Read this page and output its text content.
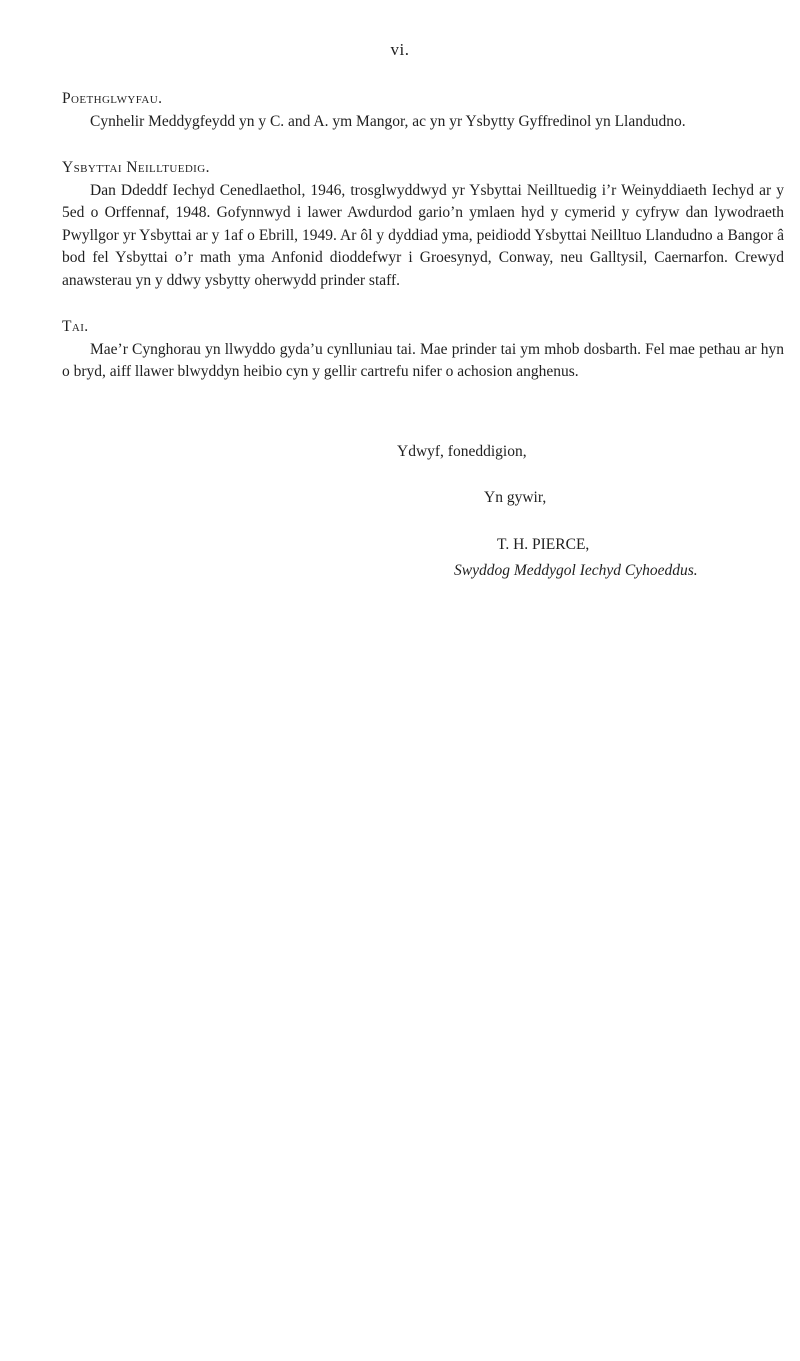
vi.

Poethglwyfau.

Cynhelir Meddygfeydd yn y C. and A. ym Mangor, ac yn yr Ysbytty Gyffredinol yn Llandudno.

Ysbyttai Neilltuedig.

Dan Ddeddf Iechyd Cenedlaethol, 1946, trosglwyddwyd yr Ysbyttai Neilltuedig i’r Weinyddiaeth Iechyd ar y 5ed o Orffennaf, 1948. Gofynnwyd i lawer Awdurdod gario’n ymlaen hyd y cymerid y cyfryw dan lywodraeth Pwyllgor yr Ysbyttai ar y 1af o Ebrill, 1949. Ar ôl y dyddiad yma, peidiodd Ysbyttai Neilltuo Llandudno a Bangor â bod fel Ysbyttai o’r math yma Anfonid dioddefwyr i Groesynyd, Conway, neu Galltysil, Caernarfon. Crewyd anawsterau yn y ddwy ysbytty oherwydd prinder staff.

Tai.

Mae’r Cynghorau yn llwyddo gyda’u cynlluniau tai. Mae prinder tai ym mhob dosbarth. Fel mae pethau ar hyn o bryd, aiff llawer blwyddyn heibio cyn y gellir cartrefu nifer o achosion anghenus.

Ydwyf, foneddigion,
Yn gywir,
T. H. PIERCE,
Swyddog Meddygol Iechyd Cyhoeddus.
